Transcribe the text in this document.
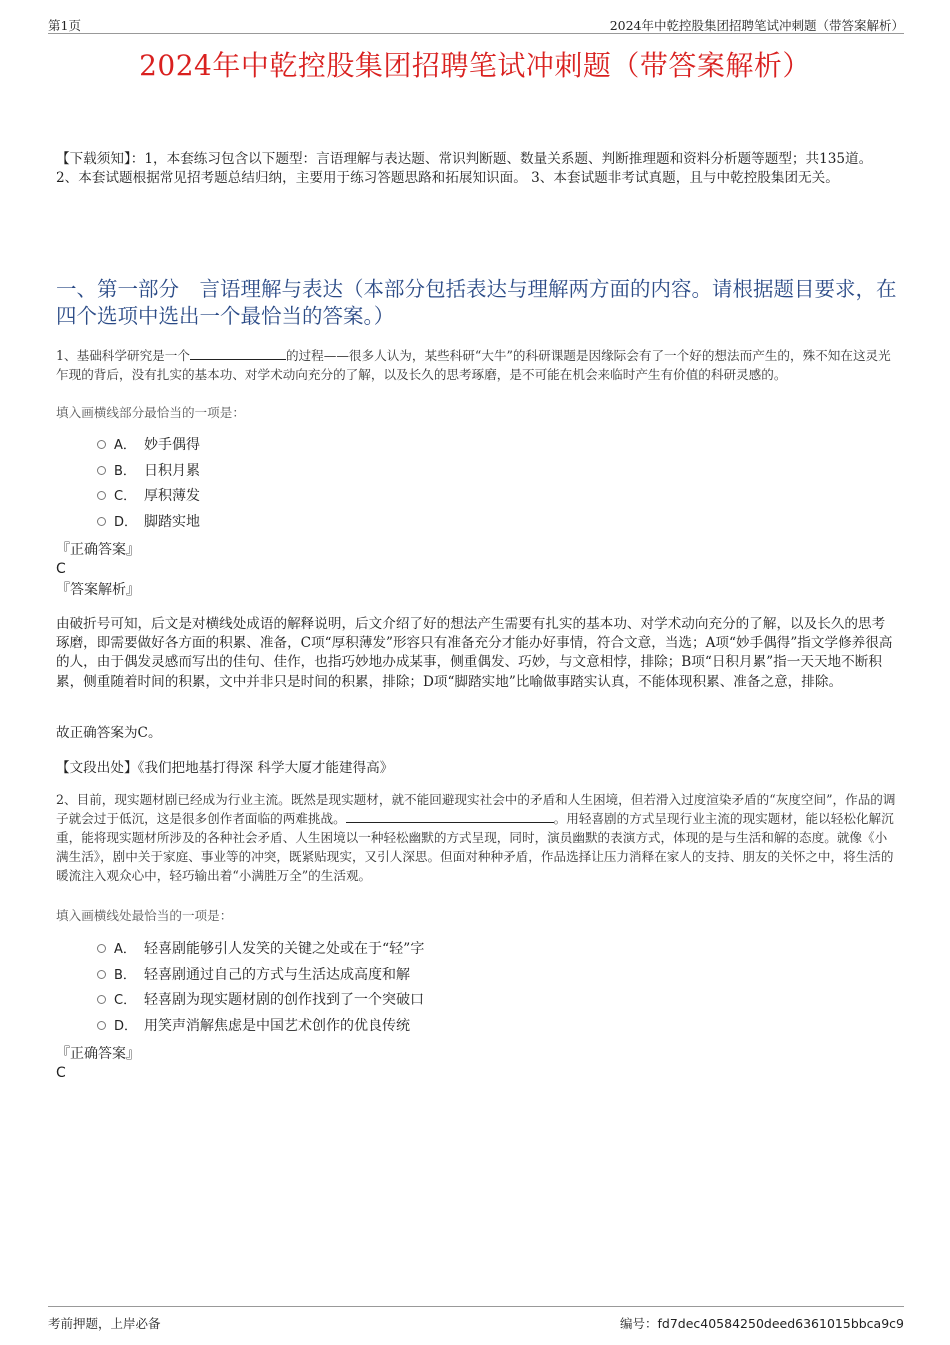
第1页	2024年中乾控股集团招聘笔试冲刺题（带答案解析）
2024年中乾控股集团招聘笔试冲刺题（带答案解析）
【下载须知】：1，本套练习包含以下题型：言语理解与表达题、常识判断题、数量关系题、判断推理题和资料分析题等题型；共135道。 2、本套试题根据常见招考题总结归纳，主要用于练习答题思路和拓展知识面。 3、本套试题非考试真题，且与中乾控股集团无关。
一、第一部分　言语理解与表达（本部分包括表达与理解两方面的内容。请根据题目要求，在四个选项中选出一个最恰当的答案。）
1、基础科学研究是一个	的过程——很多人认为，某些科研“大牛”的科研课题是因缘际会有了一个好的想法而产生的，殊不知在这灵光乍现的背后，没有扎实的基本功、对学术动向充分的了解，以及长久的思考琢磨，是不可能在机会来临时产生有价值的科研灵感的。
填入画横线部分最恰当的一项是：
A． 妙手偶得
B． 日积月累
C． 厚积薄发
D． 脚踏实地
『正确答案』
C
『答案解析』
由破折号可知，后文是对横线处成语的解释说明，后文介绍了好的想法产生需要有扎实的基本功、对学术动向充分的了解，以及长久的思考琢磨，即需要做好各方面的积累、准备，C项“厚积薄发”形容只有准备充分才能办好事情，符合文意，当选；A项“妙手偶得”指文学修养很高的人，由于偶发灵感而写出的佳句、佳作，也指巧妙地办成某事，侧重偶发、巧妙，与文意相悖，排除；B项“日积月累”指一天天地不断积累，侧重随着时间的积累，文中并非只是时间的积累，排除；D项“脚踏实地”比喻做事踏实认真，不能体现积累、准备之意，排除。
故正确答案为C。
【文段出处】《我们把地基打得深 科学大厦才能建得高》
2、目前，现实题材剧已经成为行业主流。既然是现实题材，就不能回避现实社会中的矛盾和人生困境，但若滑入过度渲染矛盾的“灰度空间”，作品的调子就会过于低沉，这是很多创作者面临的两难挑战。	。用轻喜剧的方式呈现行业主流的现实题材，能以轻松化解沉重，能将现实题材所涉及的各种社会矛盾、人生困境以一种轻松幽默的方式呈现，同时，演员幽默的表演方式，体现的是与生活和解的态度。就像《小满生活》，剧中关于家庭、事业等的冲突，既紧贴现实，又引人深思。但面对种种矛盾，作品选择让压力消释在家人的支持、朋友的关怀之中，将生活的暖流注入观众心中，轻巧输出着“小满胜万全”的生活观。
填入画横线处最恰当的一项是：
A． 轻喜剧能够引人发笑的关键之处或在于“轻”字
B． 轻喜剧通过自己的方式与生活达成高度和解
C． 轻喜剧为现实题材剧的创作找到了一个突破口
D． 用笑声消解焦虑是中国艺术创作的优良传统
『正确答案』
C
考前押题，上岸必备	编号：fd7dec40584250deed6361015bbca9c9
